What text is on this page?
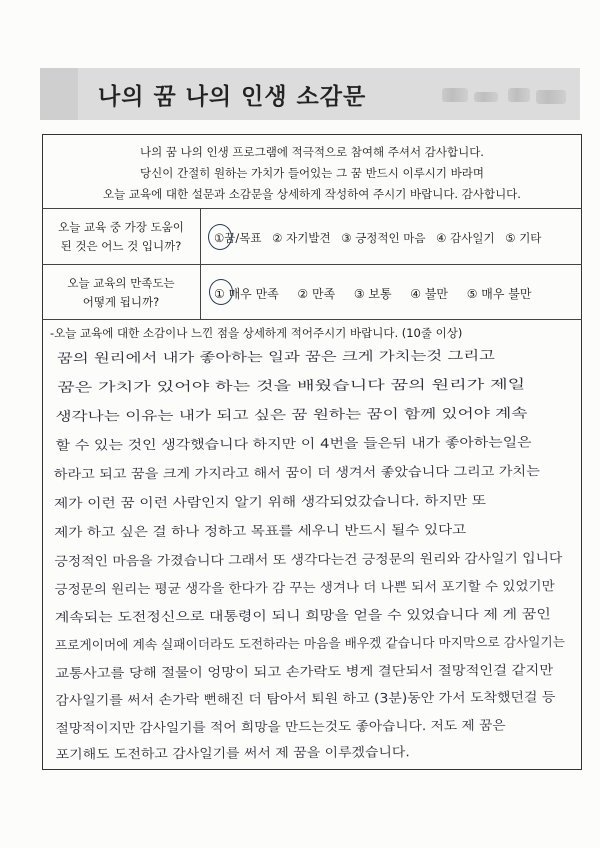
나의 꿈 나의 인생 소감문
나의 꿈 나의 인생 프로그램에 적극적으로 참여해 주셔서 감사합니다.
당신이 간절히 원하는 가치가 들어있는 그 꿈 반드시 이루시기 바라며
오늘 교육에 대한 설문과 소감문을 상세하게 작성하여 주시기 바랍니다. 감사합니다.
오늘 교육 중 가장 도움이
된 것은 어느 것 입니까?
①꿈/목표 ② 자기발견 ③ 긍정적인 마음 ④ 감사일기 ⑤ 기타
오늘 교육의 만족도는
어떻게 됩니까?
① 매우 만족 ② 만족 ③ 보통 ④ 불만 ⑤ 매우 불만
-오늘 교육에 대한 소감이나 느낀 점을 상세하게 적어주시기 바랍니다. (10줄 이상)
꿈의 원리에서 내가 좋아하는 일과 꿈은 크게 가치는것 그리고
꿈은 가치가 있어야 하는 것을 배웠습니다 꿈의 원리가 제일
생각나는 이유는 내가 되고 싶은 꿈 원하는 꿈이 함께 있어야 계속
할 수 있는 것인 생각했습니다 하지만 이 4번을 들은뒤 내가 좋아하는일은
하라고 되고 꿈을 크게 가지라고 해서 꿈이 더 생겨서 좋았습니다 그리고 가치는
제가 이런 꿈 이런 사람인지 알기 위해 생각되었갔습니다. 하지만 또
제가 하고 싶은 걸 하나 정하고 목표를 세우니 반드시 될수 있다고
긍정적인 마음을 가졌습니다 그래서 또 생각다는건 긍정문의 원리와 감사일기 입니다
긍정문의 원리는 평균 생각을 한다가 감 꾸는 생겨나 더 나쁜 되서 포기할 수 있었기만
계속되는 도전정신으로 대통령이 되니 희망을 얻을 수 있었습니다 제 게 꿈인
프로게이머에 계속 실패이더라도 도전하라는 마음을 배우겠 같습니다 마지막으로 감사일기는
교통사고를 당해 절물이 엉망이 되고 손가락도 병게 결단되서 절망적인걸 같지만
감사일기를 써서 손가락 뻔해진 더 탐아서 퇴원 하고 (3분)동안 가서 도착했던걸 등
절망적이지만 감사일기를 적어 희망을 만드는것도 좋아습니다. 저도 제 꿈은
포기해도 도전하고 감사일기를 써서 제 꿈을 이루겠습니다.
